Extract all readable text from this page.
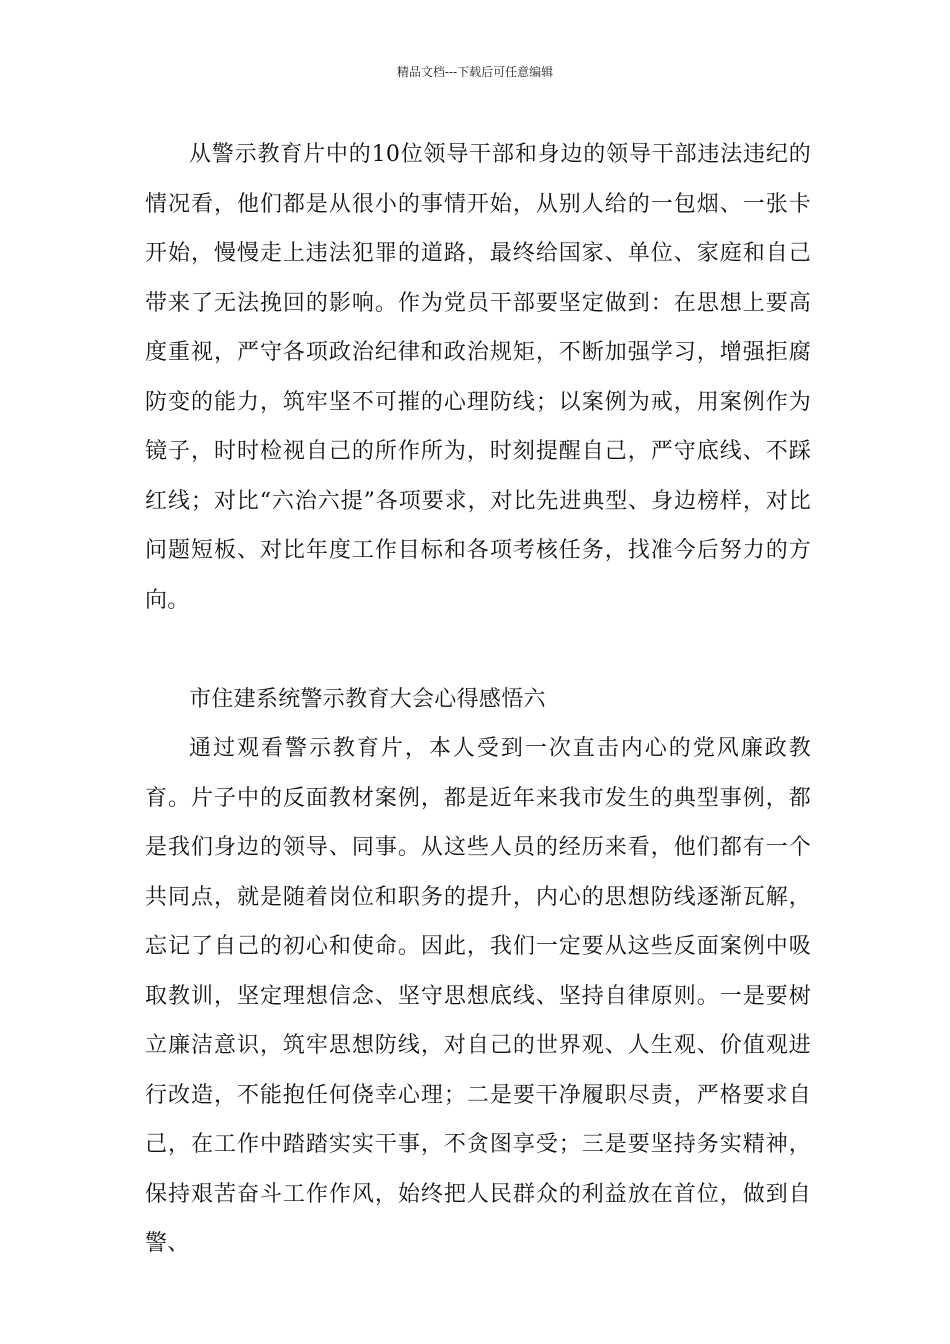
精品文档---下载后可任意编辑

从警示教育片中的10位领导干部和身边的领导干部违法违纪的情况看，他们都是从很小的事情开始，从别人给的一包烟、一张卡开始，慢慢走上违法犯罪的道路，最终给国家、单位、家庭和自己带来了无法挽回的影响。作为党员干部要坚定做到：在思想上要高度重视，严守各项政治纪律和政治规矩，不断加强学习，增强拒腐防变的能力，筑牢坚不可摧的心理防线；以案例为戒，用案例作为镜子，时时检视自己的所作所为，时刻提醒自己，严守底线、不踩红线；对比“六治六提”各项要求，对比先进典型、身边榜样，对比问题短板、对比年度工作目标和各项考核任务，找准今后努力的方向。

市住建系统警示教育大会心得感悟六

通过观看警示教育片，本人受到一次直击内心的党风廉政教育。片子中的反面教材案例，都是近年来我市发生的典型事例，都是我们身边的领导、同事。从这些人员的经历来看，他们都有一个共同点，就是随着岗位和职务的提升，内心的思想防线逐渐瓦解，忘记了自己的初心和使命。因此，我们一定要从这些反面案例中吸取教训，坚定理想信念、坚守思想底线、坚持自律原则。一是要树立廉洁意识，筑牢思想防线，对自己的世界观、人生观、价值观进行改造，不能抱任何侥幸心理；二是要干净履职尽责，严格要求自己，在工作中踏踏实实干事，不贪图享受；三是要坚持务实精神，保持艰苦奋斗工作作风，始终把人民群众的利益放在首位，做到自警、
